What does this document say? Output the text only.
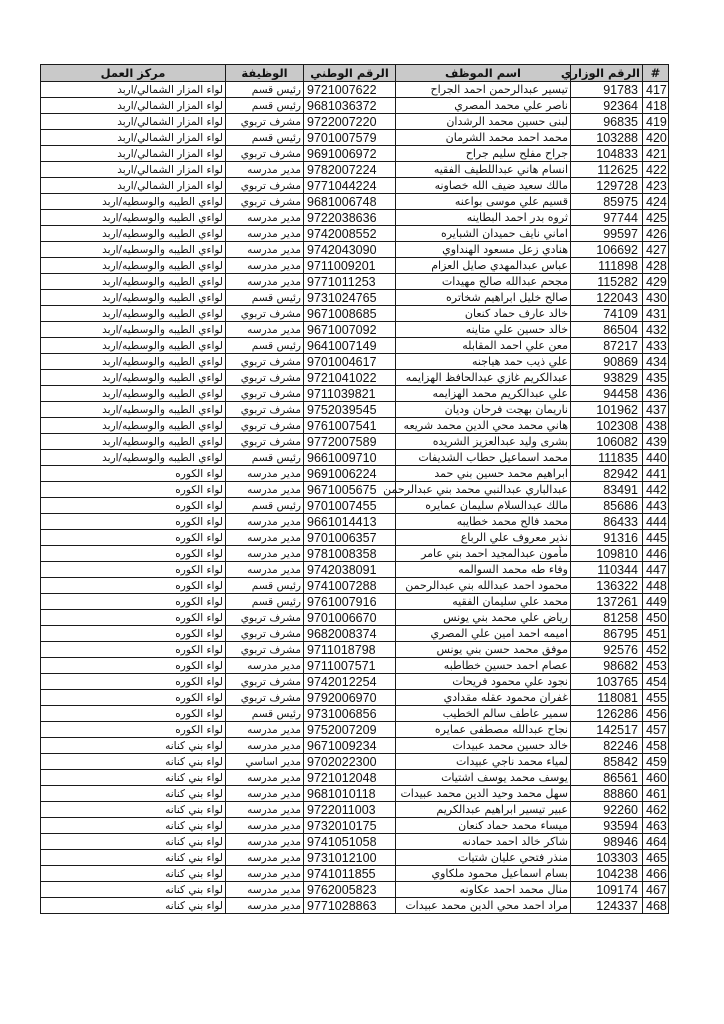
#	الرقم الوزاري	اسم الموظف	الرقم الوطني	الوظيفة	مركز العمل
417	91783	تيسير عبدالرحمن احمد الجراح	9721007622	رئيس قسم	لواء المزار الشمالي/اربد
418	92364	ناصر علي محمد المصري	9681036372	رئيس قسم	لواء المزار الشمالي/اربد
419	96835	لبنى حسين محمد الرشدان	9722007220	مشرف تربوي	لواء المزار الشمالي/اربد
420	103288	محمد احمد محمد الشرمان	9701007579	رئيس قسم	لواء المزار الشمالي/اربد
421	104833	جراح مفلح سليم جراح	9691006972	مشرف تربوي	لواء المزار الشمالي/اربد
422	112625	انسام هاني عبداللطيف الفقيه	9782007224	مدير مدرسه	لواء المزار الشمالي/اربد
423	129728	مالك سعيد ضيف الله خصاونه	9771044224	مشرف تربوي	لواء المزار الشمالي/اربد
424	85975	قسيم علي موسى بواعنه	9681006748	مشرف تربوي	لواءي الطيبه والوسطيه/اربد
425	97744	ثروه بدر احمد البطاينه	9722038636	مدير مدرسه	لواءي الطيبه والوسطيه/اربد
426	99597	اماني نايف حميدان الشبايره	9742008552	مدير مدرسه	لواءي الطيبه والوسطيه/اربد
427	106692	هنادي زعل مسعود الهنداوي	9742043090	مدير مدرسه	لواءي الطيبه والوسطيه/اربد
428	111898	عباس عبدالمهدي صايل العزام	9711009201	مدير مدرسه	لواءي الطيبه والوسطيه/اربد
429	115282	مجحم عبدالله صالح مهيدات	9771011253	مدير مدرسه	لواءي الطيبه والوسطيه/اربد
430	122043	صالح خليل ابراهيم شخاتره	9731024765	رئيس قسم	لواءي الطيبه والوسطيه/اربد
431	74109	خالد عارف حماد كنعان	9671008685	مشرف تربوي	لواءي الطيبه والوسطيه/اربد
432	86504	خالد حسين علي متاينه	9671007092	مدير مدرسه	لواءي الطيبه والوسطيه/اربد
433	87217	معن علي احمد المقابله	9641007149	رئيس قسم	لواءي الطيبه والوسطيه/اربد
434	90869	علي ذيب حمد هياجنه	9701004617	مشرف تربوي	لواءي الطيبه والوسطيه/اربد
435	93829	عبدالكريم غازي عبدالحافظ الهزايمه	9721041022	مشرف تربوي	لواءي الطيبه والوسطيه/اربد
436	94458	علي عبدالكريم محمد الهزايمه	9711039821	مشرف تربوي	لواءي الطيبه والوسطيه/اربد
437	101962	ناريمان بهجت فرحان وديان	9752039545	مشرف تربوي	لواءي الطيبه والوسطيه/اربد
438	102308	هاني محمد محي الدين محمد شريعه	9761007541	مشرف تربوي	لواءي الطيبه والوسطيه/اربد
439	106082	بشرى وليد عبدالعزيز الشريده	9772007589	مشرف تربوي	لواءي الطيبه والوسطيه/اربد
440	111835	محمد اسماعيل حطاب الشديفات	9661009710	رئيس قسم	لواءي الطيبه والوسطيه/اربد
441	82942	ابراهيم محمد حسين بني حمد	9691006224	مدير مدرسه	لواء الكوره
442	83491	عبدالباري عبدالنبي محمد بني عبدالرحمن	9671005675	مدير مدرسه	لواء الكوره
443	85686	مالك عبدالسلام سليمان عمايره	9701007455	رئيس قسم	لواء الكوره
444	86433	محمد فالح محمد خطايبه	9661014413	مدير مدرسه	لواء الكوره
445	91316	نذير معروف علي الرباع	9701006357	مدير مدرسه	لواء الكوره
446	109810	مأمون عبدالمجيد احمد بني عامر	9781008358	مدير مدرسه	لواء الكوره
447	110344	وفاء طه محمد السوالمه	9742038091	مدير مدرسه	لواء الكوره
448	136322	محمود احمد عبدالله بني عبدالرحمن	9741007288	رئيس قسم	لواء الكوره
449	137261	محمد علي سليمان الفقيه	9761007916	رئيس قسم	لواء الكوره
450	81258	رياض علي محمد بني يونس	9701006670	مشرف تربوي	لواء الكوره
451	86795	اميمه احمد امين علي المصري	9682008374	مشرف تربوي	لواء الكوره
452	92576	موفق محمد حسن بني يونس	9711018798	مشرف تربوي	لواء الكوره
453	98682	عصام احمد حسين خطاطبه	9711007571	مدير مدرسه	لواء الكوره
454	103765	نجود علي محمود فريحات	9742012254	مشرف تربوي	لواء الكوره
455	118081	غفران محمود عقله مقدادي	9792006970	مشرف تربوي	لواء الكوره
456	126286	سمير عاطف سالم الخطيب	9731006856	رئيس قسم	لواء الكوره
457	142517	نجاح عبدالله مصطفى عمايره	9752007209	مدير مدرسه	لواء الكوره
458	82246	خالد حسين محمد عبيدات	9671009234	مدير مدرسه	لواء بني كنانه
459	85842	لمياء محمد ناجي عبيدات	9702022300	مدير اساسي	لواء بني كنانه
460	86561	يوسف محمد يوسف اشتيات	9721012048	مدير مدرسه	لواء بني كنانه
461	88860	سهل محمد وحيد الدين محمد عبيدات	9681010118	مدير مدرسه	لواء بني كنانه
462	92260	عبير تيسير ابراهيم عبدالكريم	9722011003	مدير مدرسه	لواء بني كنانه
463	93594	ميساء محمد حماد كنعان	9732010175	مدير مدرسه	لواء بني كنانه
464	98946	شاكر خالد احمد حمادنه	9741051058	مدير مدرسه	لواء بني كنانه
465	103303	منذر فتحي عليان شتيات	9731012100	مدير مدرسه	لواء بني كنانه
466	104238	بسام اسماعيل محمود ملكاوي	9741011855	مدير مدرسه	لواء بني كنانه
467	109174	منال محمد احمد عكاونه	9762005823	مدير مدرسه	لواء بني كنانه
468	124337	مراد احمد محي الدين محمد عبيدات	9771028863	مدير مدرسه	لواء بني كنانه
